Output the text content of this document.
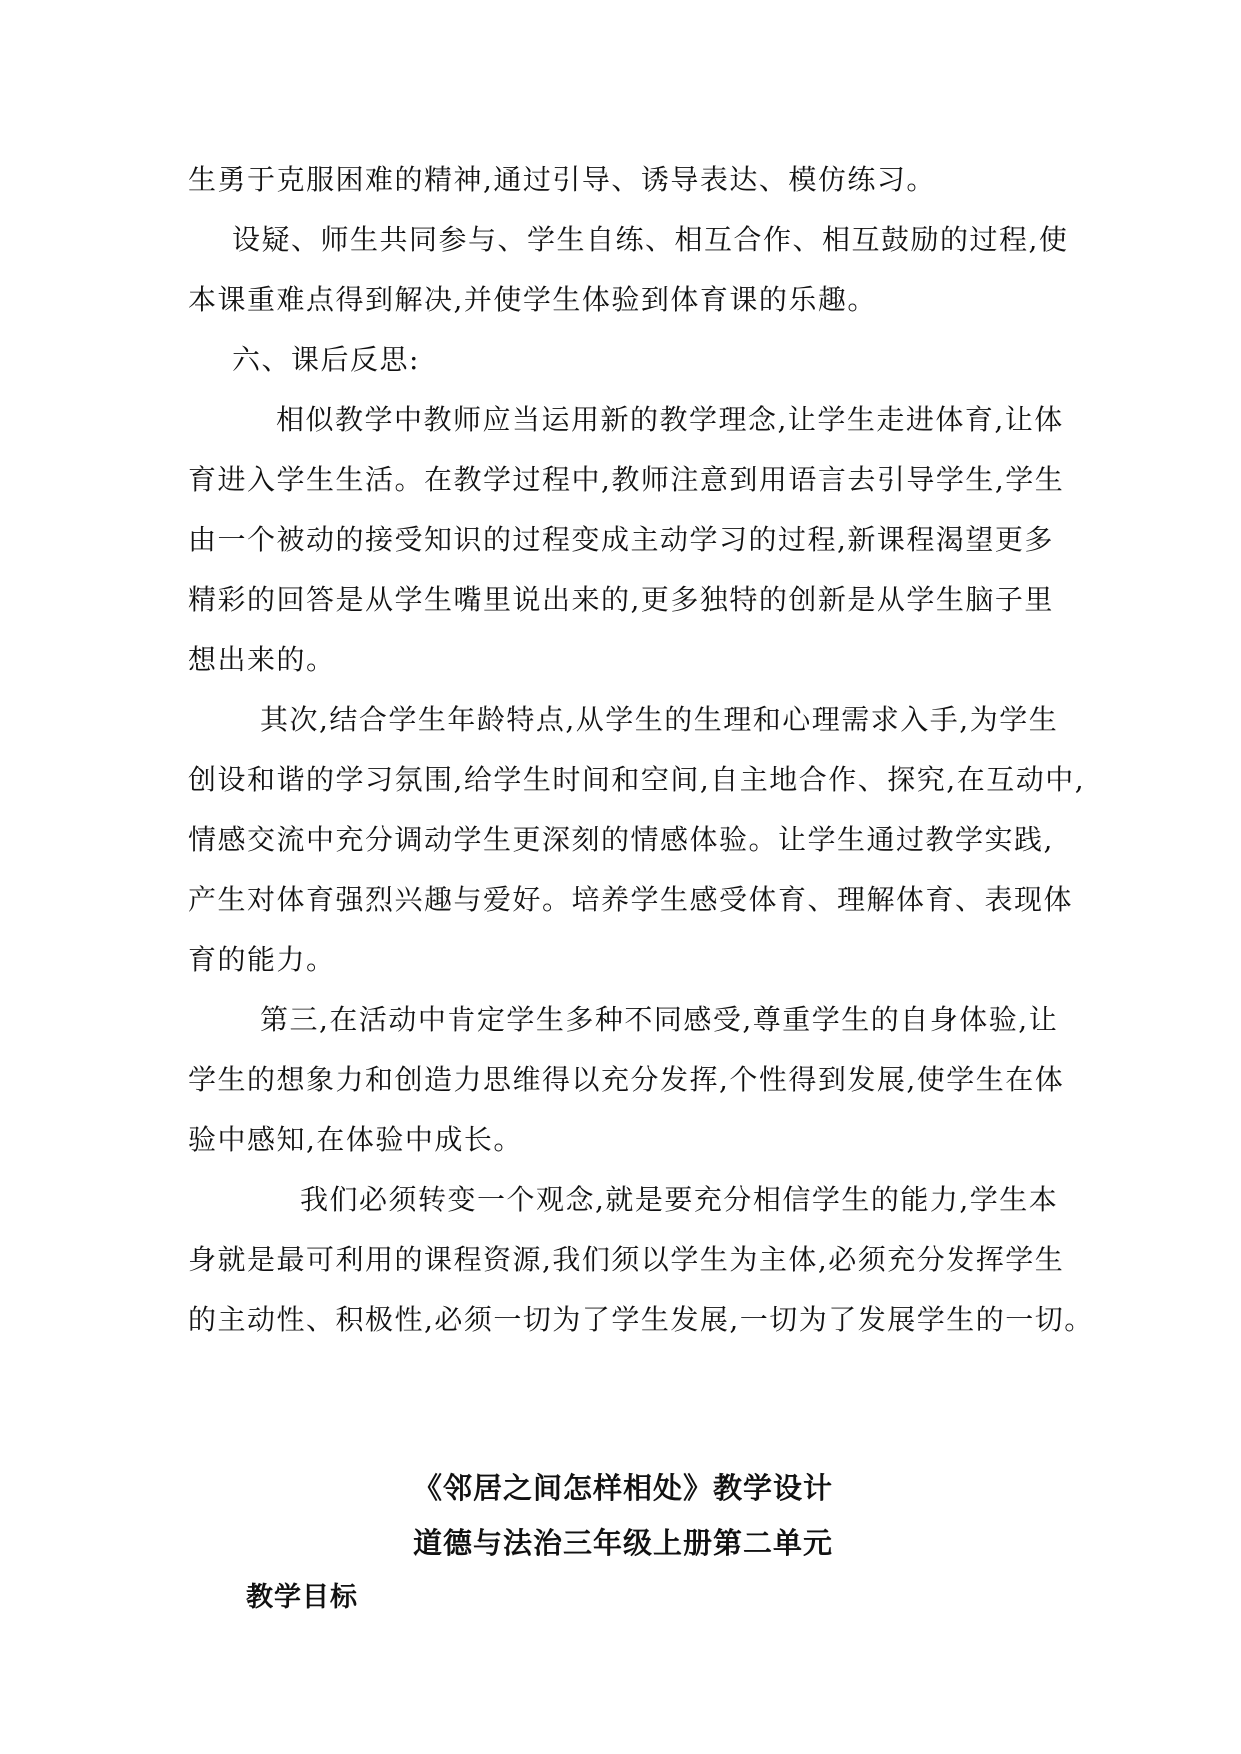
生勇于克服困难的精神,通过引导、诱导表达、模仿练习。
设疑、师生共同参与、学生自练、相互合作、相互鼓励的过程,使
本课重难点得到解决,并使学生体验到体育课的乐趣。
六、课后反思:
相似教学中教师应当运用新的教学理念,让学生走进体育,让体
育进入学生生活。在教学过程中,教师注意到用语言去引导学生,学生
由一个被动的接受知识的过程变成主动学习的过程,新课程渴望更多
精彩的回答是从学生嘴里说出来的,更多独特的创新是从学生脑子里
想出来的。
其次,结合学生年龄特点,从学生的生理和心理需求入手,为学生
创设和谐的学习氛围,给学生时间和空间,自主地合作、探究,在互动中,
情感交流中充分调动学生更深刻的情感体验。让学生通过教学实践,
产生对体育强烈兴趣与爱好。培养学生感受体育、理解体育、表现体
育的能力。
第三,在活动中肯定学生多种不同感受,尊重学生的自身体验,让
学生的想象力和创造力思维得以充分发挥,个性得到发展,使学生在体
验中感知,在体验中成长。
我们必须转变一个观念,就是要充分相信学生的能力,学生本
身就是最可利用的课程资源,我们须以学生为主体,必须充分发挥学生
的主动性、积极性,必须一切为了学生发展,一切为了发展学生的一切。
《邻居之间怎样相处》教学设计
道德与法治三年级上册第二单元
教学目标
